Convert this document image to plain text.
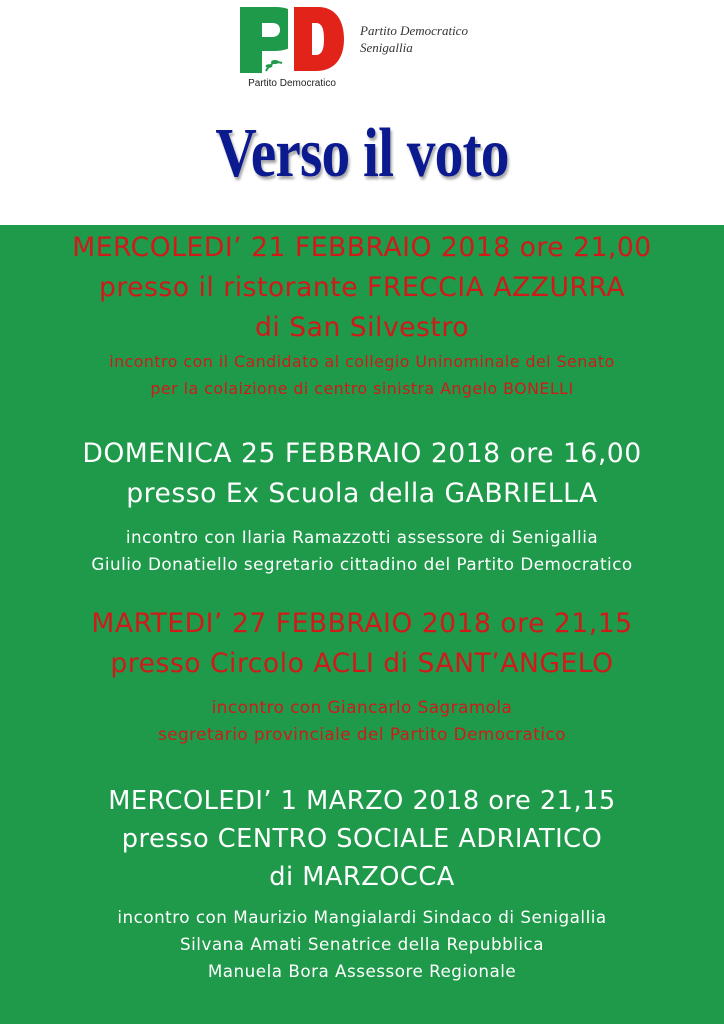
Partito Democratico
Partito Democratico
Senigallia
Verso il voto
MERCOLEDI’ 21 FEBBRAIO 2018 ore 21,00
presso il ristorante FRECCIA AZZURRA
di San Silvestro
incontro con il Candidato al collegio Uninominale del Senato
per la colaizione di centro sinistra Angelo BONELLI
DOMENICA 25 FEBBRAIO 2018 ore 16,00
presso Ex Scuola della GABRIELLA
incontro con Ilaria Ramazzotti assessore di Senigallia
Giulio Donatiello segretario cittadino del Partito Democratico
MARTEDI’ 27 FEBBRAIO 2018 ore 21,15
presso Circolo ACLI di SANT’ANGELO
incontro con Giancarlo Sagramola
segretario provinciale del Partito Democratico
MERCOLEDI’ 1 MARZO 2018 ore 21,15
presso CENTRO SOCIALE ADRIATICO
di MARZOCCA
incontro con Maurizio Mangialardi Sindaco di Senigallia
Silvana Amati Senatrice della Repubblica
Manuela Bora Assessore Regionale
